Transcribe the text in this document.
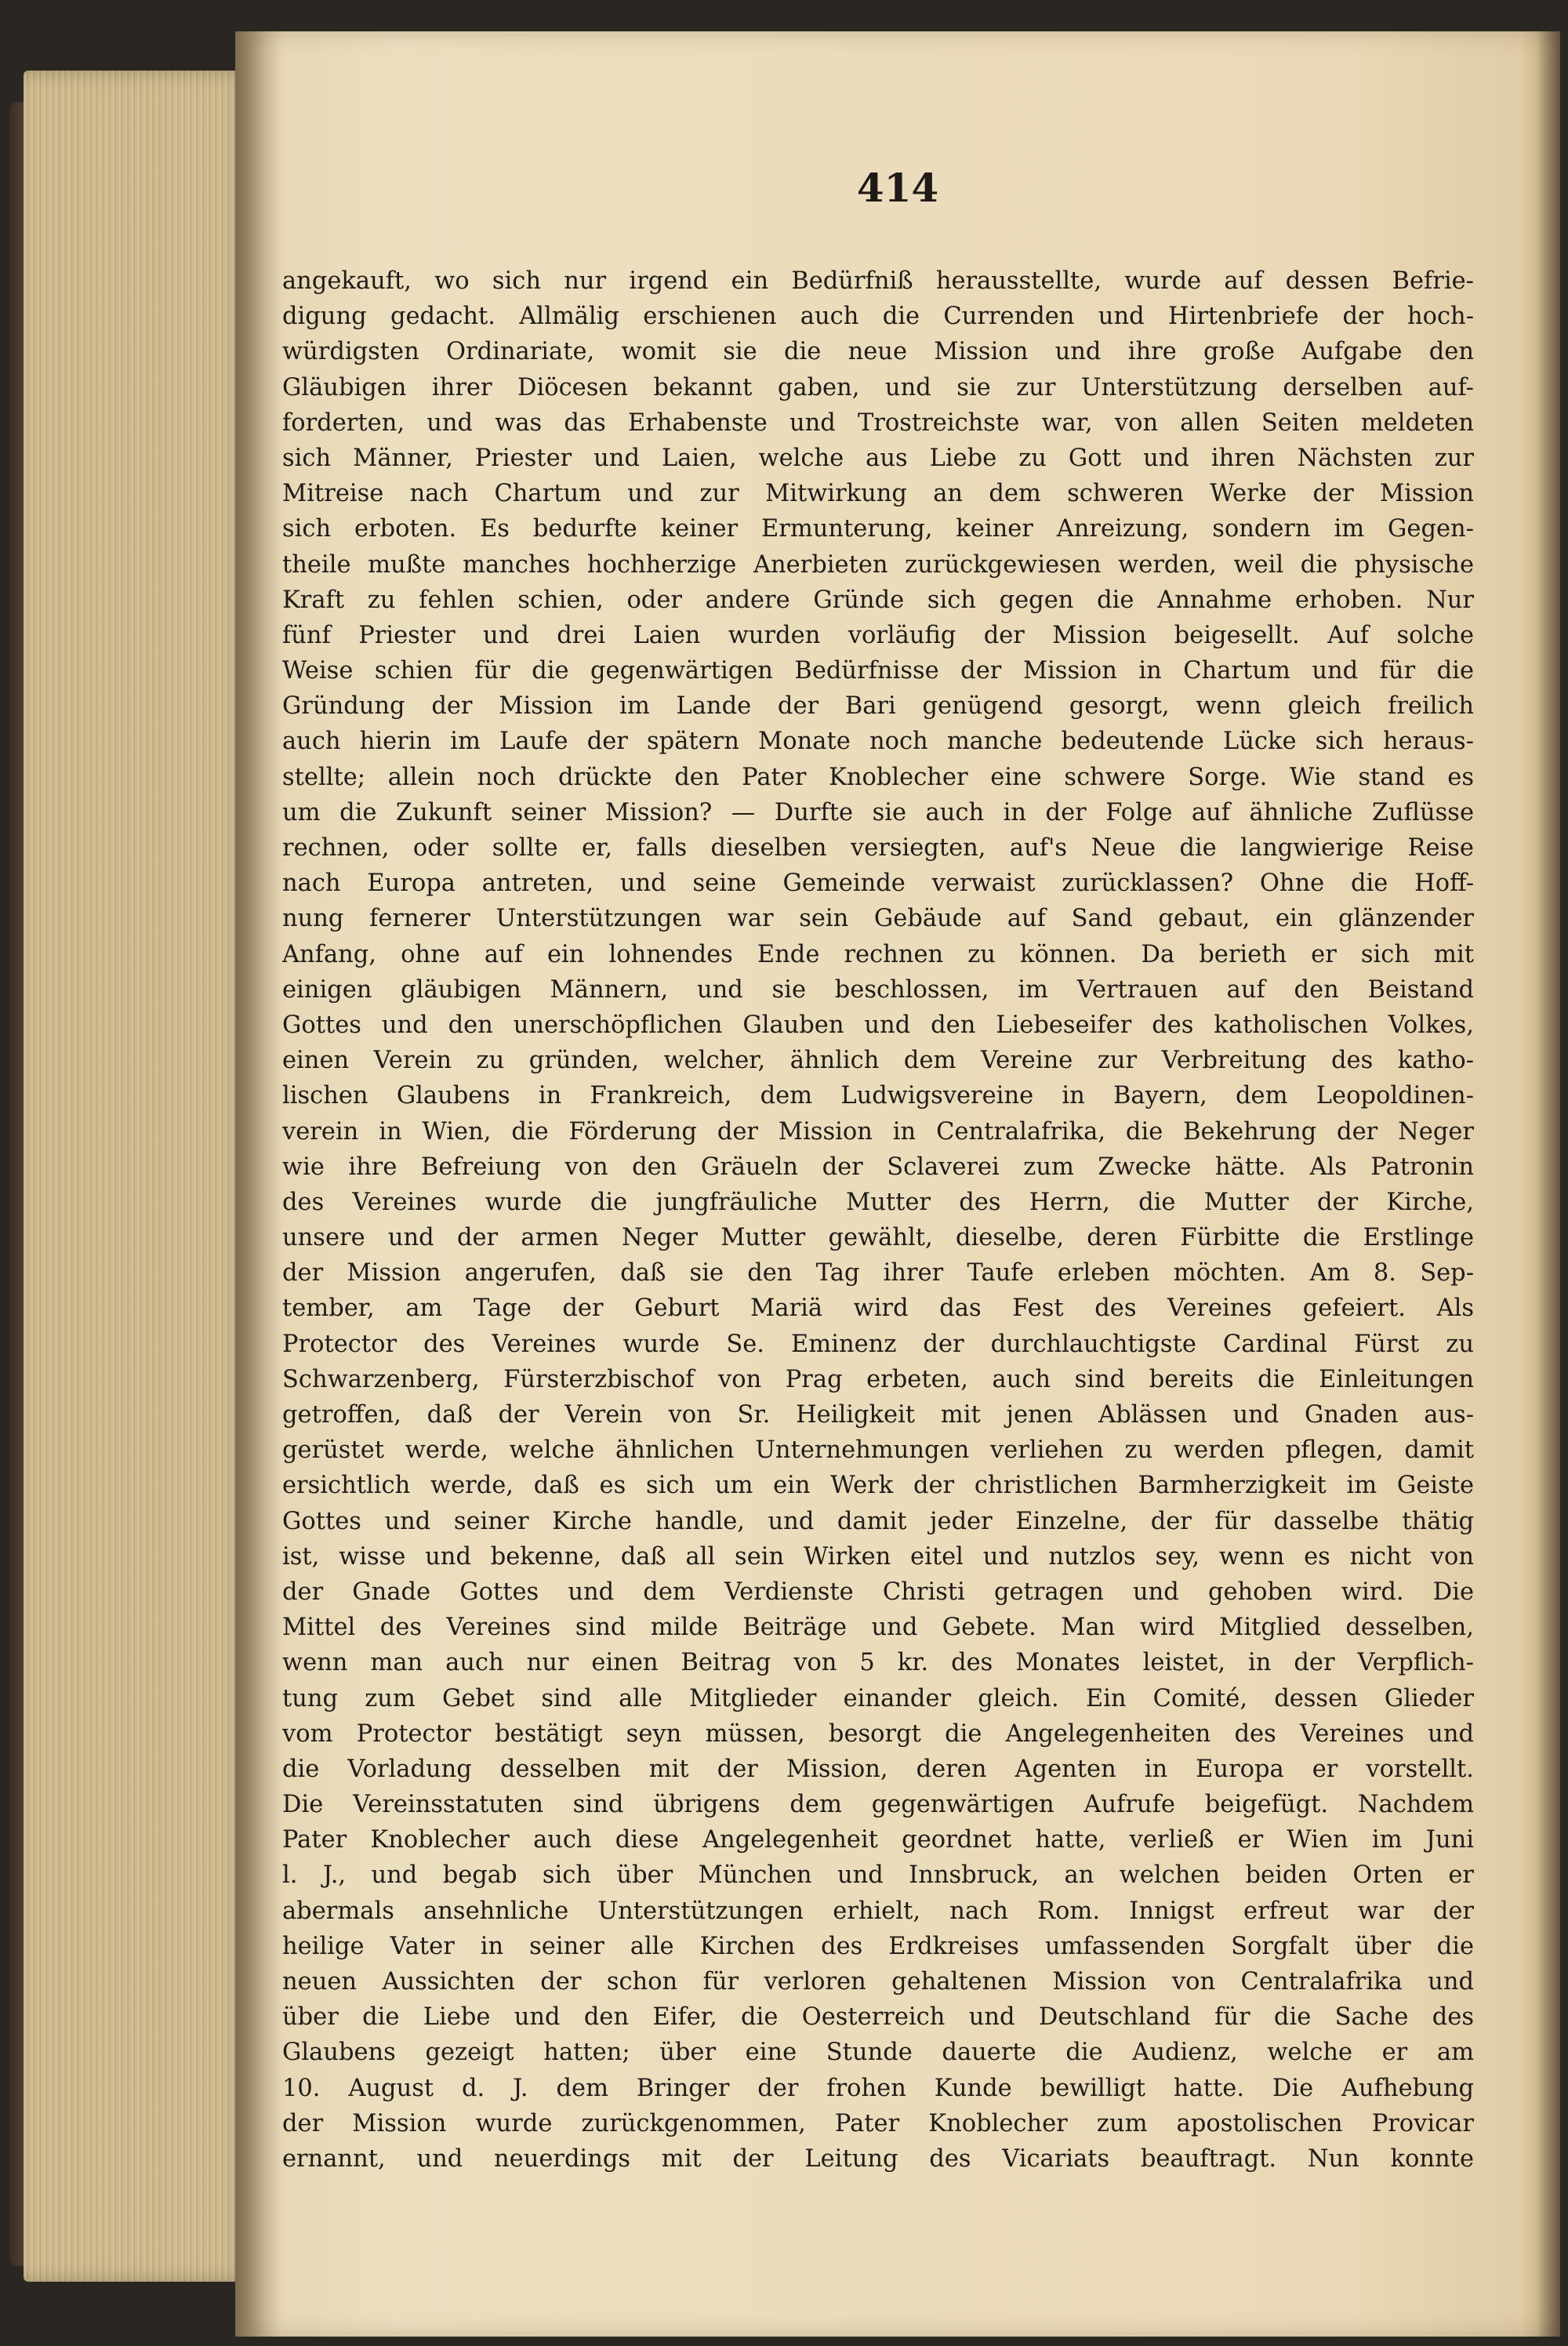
414
angekauft, wo sich nur irgend ein Bedürfniß herausstellte, wurde auf dessen Befrie-
digung gedacht. Allmälig erschienen auch die Currenden und Hirtenbriefe der hoch-
würdigsten Ordinariate, womit sie die neue Mission und ihre große Aufgabe den
Gläubigen ihrer Diöcesen bekannt gaben, und sie zur Unterstützung derselben auf-
forderten, und was das Erhabenste und Trostreichste war, von allen Seiten meldeten
sich Männer, Priester und Laien, welche aus Liebe zu Gott und ihren Nächsten zur
Mitreise nach Chartum und zur Mitwirkung an dem schweren Werke der Mission
sich erboten. Es bedurfte keiner Ermunterung, keiner Anreizung, sondern im Gegen-
theile mußte manches hochherzige Anerbieten zurückgewiesen werden, weil die physische
Kraft zu fehlen schien, oder andere Gründe sich gegen die Annahme erhoben. Nur
fünf Priester und drei Laien wurden vorläufig der Mission beigesellt. Auf solche
Weise schien für die gegenwärtigen Bedürfnisse der Mission in Chartum und für die
Gründung der Mission im Lande der Bari genügend gesorgt, wenn gleich freilich
auch hierin im Laufe der spätern Monate noch manche bedeutende Lücke sich heraus-
stellte; allein noch drückte den Pater Knoblecher eine schwere Sorge. Wie stand es
um die Zukunft seiner Mission? — Durfte sie auch in der Folge auf ähnliche Zuflüsse
rechnen, oder sollte er, falls dieselben versiegten, auf's Neue die langwierige Reise
nach Europa antreten, und seine Gemeinde verwaist zurücklassen? Ohne die Hoff-
nung fernerer Unterstützungen war sein Gebäude auf Sand gebaut, ein glänzender
Anfang, ohne auf ein lohnendes Ende rechnen zu können. Da berieth er sich mit
einigen gläubigen Männern, und sie beschlossen, im Vertrauen auf den Beistand
Gottes und den unerschöpflichen Glauben und den Liebeseifer des katholischen Volkes,
einen Verein zu gründen, welcher, ähnlich dem Vereine zur Verbreitung des katho-
lischen Glaubens in Frankreich, dem Ludwigsvereine in Bayern, dem Leopoldinen-
verein in Wien, die Förderung der Mission in Centralafrika, die Bekehrung der Neger
wie ihre Befreiung von den Gräueln der Sclaverei zum Zwecke hätte. Als Patronin
des Vereines wurde die jungfräuliche Mutter des Herrn, die Mutter der Kirche,
unsere und der armen Neger Mutter gewählt, dieselbe, deren Fürbitte die Erstlinge
der Mission angerufen, daß sie den Tag ihrer Taufe erleben möchten. Am 8. Sep-
tember, am Tage der Geburt Mariä wird das Fest des Vereines gefeiert. Als
Protector des Vereines wurde Se. Eminenz der durchlauchtigste Cardinal Fürst zu
Schwarzenberg, Fürsterzbischof von Prag erbeten, auch sind bereits die Einleitungen
getroffen, daß der Verein von Sr. Heiligkeit mit jenen Ablässen und Gnaden aus-
gerüstet werde, welche ähnlichen Unternehmungen verliehen zu werden pflegen, damit
ersichtlich werde, daß es sich um ein Werk der christlichen Barmherzigkeit im Geiste
Gottes und seiner Kirche handle, und damit jeder Einzelne, der für dasselbe thätig
ist, wisse und bekenne, daß all sein Wirken eitel und nutzlos sey, wenn es nicht von
der Gnade Gottes und dem Verdienste Christi getragen und gehoben wird. Die
Mittel des Vereines sind milde Beiträge und Gebete. Man wird Mitglied desselben,
wenn man auch nur einen Beitrag von 5 kr. des Monates leistet, in der Verpflich-
tung zum Gebet sind alle Mitglieder einander gleich. Ein Comité, dessen Glieder
vom Protector bestätigt seyn müssen, besorgt die Angelegenheiten des Vereines und
die Vorladung desselben mit der Mission, deren Agenten in Europa er vorstellt.
Die Vereinsstatuten sind übrigens dem gegenwärtigen Aufrufe beigefügt. Nachdem
Pater Knoblecher auch diese Angelegenheit geordnet hatte, verließ er Wien im Juni
l. J., und begab sich über München und Innsbruck, an welchen beiden Orten er
abermals ansehnliche Unterstützungen erhielt, nach Rom. Innigst erfreut war der
heilige Vater in seiner alle Kirchen des Erdkreises umfassenden Sorgfalt über die
neuen Aussichten der schon für verloren gehaltenen Mission von Centralafrika und
über die Liebe und den Eifer, die Oesterreich und Deutschland für die Sache des
Glaubens gezeigt hatten; über eine Stunde dauerte die Audienz, welche er am
10. August d. J. dem Bringer der frohen Kunde bewilligt hatte. Die Aufhebung
der Mission wurde zurückgenommen, Pater Knoblecher zum apostolischen Provicar
ernannt, und neuerdings mit der Leitung des Vicariats beauftragt. Nun konnte
